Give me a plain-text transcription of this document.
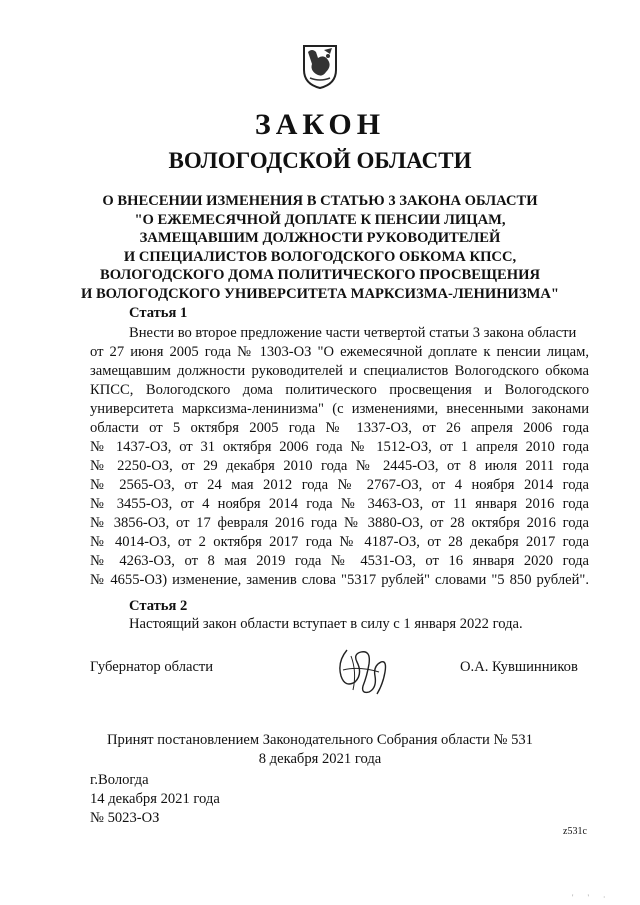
ЗАКОН
ВОЛОГОДСКОЙ ОБЛАСТИ
О ВНЕСЕНИИ ИЗМЕНЕНИЯ В СТАТЬЮ 3 ЗАКОНА ОБЛАСТИ
"О ЕЖЕМЕСЯЧНОЙ ДОПЛАТЕ К ПЕНСИИ ЛИЦАМ,
ЗАМЕЩАВШИМ ДОЛЖНОСТИ РУКОВОДИТЕЛЕЙ
И СПЕЦИАЛИСТОВ ВОЛОГОДСКОГО ОБКОМА КПСС,
ВОЛОГОДСКОГО ДОМА ПОЛИТИЧЕСКОГО ПРОСВЕЩЕНИЯ
И ВОЛОГОДСКОГО УНИВЕРСИТЕТА МАРКСИЗМА-ЛЕНИНИЗМА"
Статья 1
Внести во второе предложение части четвертой статьи 3 закона области
от 27 июня 2005 года № 1303-ОЗ "О ежемесячной доплате к пенсии лицам,
замещавшим должности руководителей и специалистов Вологодского обкома
КПСС, Вологодского дома политического просвещения и Вологодского
университета марксизма-ленинизма" (с изменениями, внесенными законами
области от 5 октября 2005 года № 1337-ОЗ, от 26 апреля 2006 года
№ 1437-ОЗ, от 31 октября 2006 года № 1512-ОЗ, от 1 апреля 2010 года
№ 2250-ОЗ, от 29 декабря 2010 года № 2445-ОЗ, от 8 июля 2011 года
№ 2565-ОЗ, от 24 мая 2012 года № 2767-ОЗ, от 4 ноября 2014 года
№ 3455-ОЗ, от 4 ноября 2014 года № 3463-ОЗ, от 11 января 2016 года
№ 3856-ОЗ, от 17 февраля 2016 года № 3880-ОЗ, от 28 октября 2016 года
№ 4014-ОЗ, от 2 октября 2017 года № 4187-ОЗ, от 28 декабря 2017 года
№ 4263-ОЗ, от 8 мая 2019 года № 4531-ОЗ, от 16 января 2020 года
№ 4655-ОЗ) изменение, заменив слова "5317 рублей" словами "5 850 рублей".
Статья 2
Настоящий закон области вступает в силу с 1 января 2022 года.
Губернатор области	О.А. Кувшинников
Принят постановлением Законодательного Собрания области № 531
8 декабря 2021 года
г.Вологда
14 декабря 2021 года
№ 5023-ОЗ
z531c
' ' ·
